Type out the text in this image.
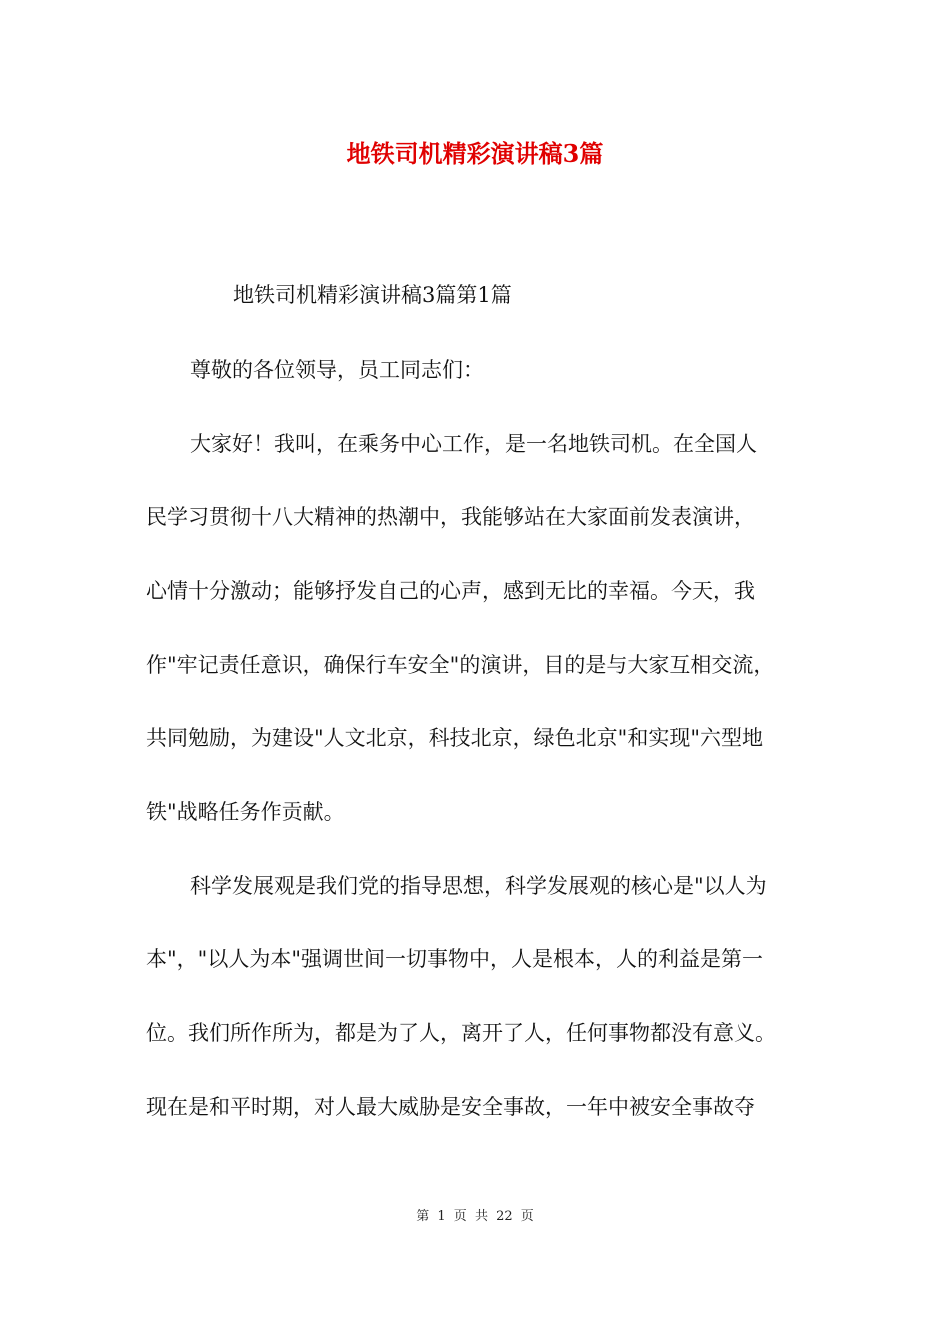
地铁司机精彩演讲稿3篇
地铁司机精彩演讲稿3篇第1篇
尊敬的各位领导，员工同志们：
大家好！我叫，在乘务中心工作，是一名地铁司机。在全国人
民学习贯彻十八大精神的热潮中，我能够站在大家面前发表演讲，
心情十分激动；能够抒发自己的心声，感到无比的幸福。今天，我
作"牢记责任意识，确保行车安全"的演讲，目的是与大家互相交流，
共同勉励，为建设"人文北京，科技北京，绿色北京"和实现"六型地
铁"战略任务作贡献。
科学发展观是我们党的指导思想，科学发展观的核心是"以人为
本"，"以人为本"强调世间一切事物中，人是根本，人的利益是第一
位。我们所作所为，都是为了人，离开了人，任何事物都没有意义。
现在是和平时期，对人最大威胁是安全事故，一年中被安全事故夺
第 1 页 共 22 页
